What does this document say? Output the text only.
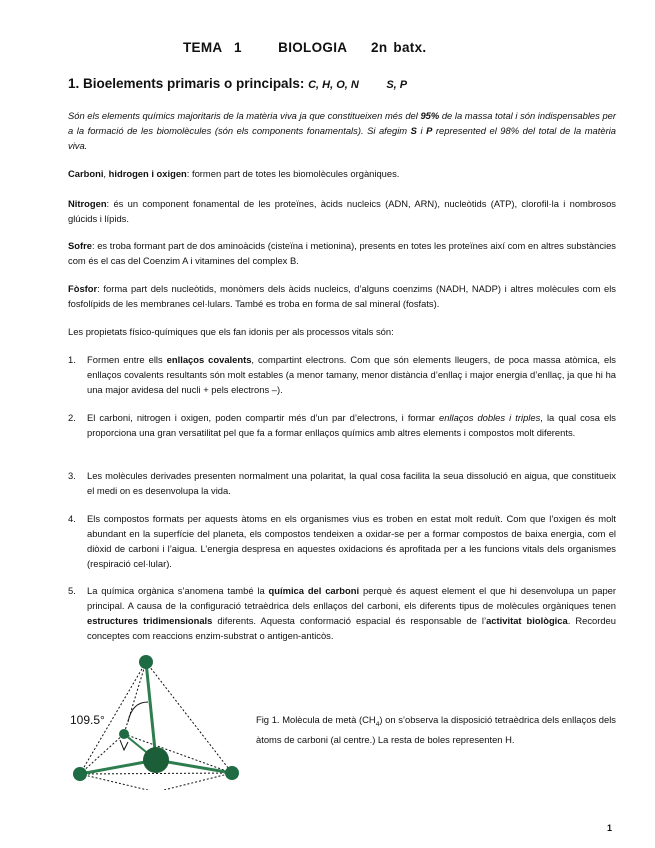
TEMA  1      BIOLOGIA    2n batx.
1. Bioelements primaris o principals: C, H, O, N         S, P
Són els elements químics majoritaris de la matèria viva ja que constitueixen més del 95% de la massa total i són indispensables per a la formació de les biomolècules (són els components fonamentals). Si afegim S i P represented el 98% del total de la matèria viva.
Carboni, hidrogen i oxigen: formen part de totes les biomolècules orgàniques.
Nitrogen: és un component fonamental de les proteïnes, àcids nucleics (ADN, ARN), nucleòtids (ATP), clorofil·la i nombrosos glúcids i lípids.
Sofre: es troba formant part de dos aminoàcids (cisteïna i metionina), presents en totes les proteïnes així com en altres substàncies com és el cas del Coenzim A i vitamines del complex B.
Fòsfor: forma part dels nucleòtids, monòmers dels àcids nucleics, d’alguns coenzims (NADH, NADP) i altres molècules com els fosfolípids de les membranes cel·lulars. També es troba en forma de sal mineral (fosfats).
Les propietats físico-químiques que els fan idonis per als processos vitals són:
1. Formen entre ells enllaços covalents, compartint electrons. Com que són elements lleugers, de poca massa atòmica, els enllaços covalents resultants són molt estables (a menor tamany, menor distància d’enllaç i major energia d’enllaç, ja que hi ha una major avidesa del nucli + pels electrons –).
2. El carboni, nitrogen i oxigen, poden compartir més d’un par d’electrons, i formar enllaços dobles i triples, la qual cosa els proporciona una gran versatilitat pel que fa a formar enllaços químics amb altres elements i compostos molt diferents.
3. Les molècules derivades presenten normalment una polaritat, la qual cosa facilita la seua dissolució en aigua, que constitueix el medi on es desenvolupa la vida.
4. Els compostos formats per aquests àtoms en els organismes vius es troben en estat molt reduït. Com que l’oxigen és molt abundant en la superfície del planeta, els compostos tendeixen a oxidar-se per a formar compostos de baixa energia, com el diòxid de carboni i l’aigua. L’energia despresa en aquestes oxidacions és aprofitada per a les funcions vitals dels organismes (respiració cel·lular).
5. La química orgànica s’anomena també la química del carboni perquè és aquest element el que hi desenvolupa un paper principal. A causa de la configuració tetraèdrica dels enllaços del carboni, els diferents tipus de molècules orgàniques tenen estructures tridimensionals diferents. Aquesta conformació espacial és responsable de l’activitat biològica. Recordeu conceptes com reaccions enzim-substrat o antigen-anticòs.
109.5°	Fig 1. Molècula de metà $(CH_4)$ on s’observa la disposició tetraèdrica dels enllaços dels àtoms de carboni (al centre.) La resta de boles representen H.
1
